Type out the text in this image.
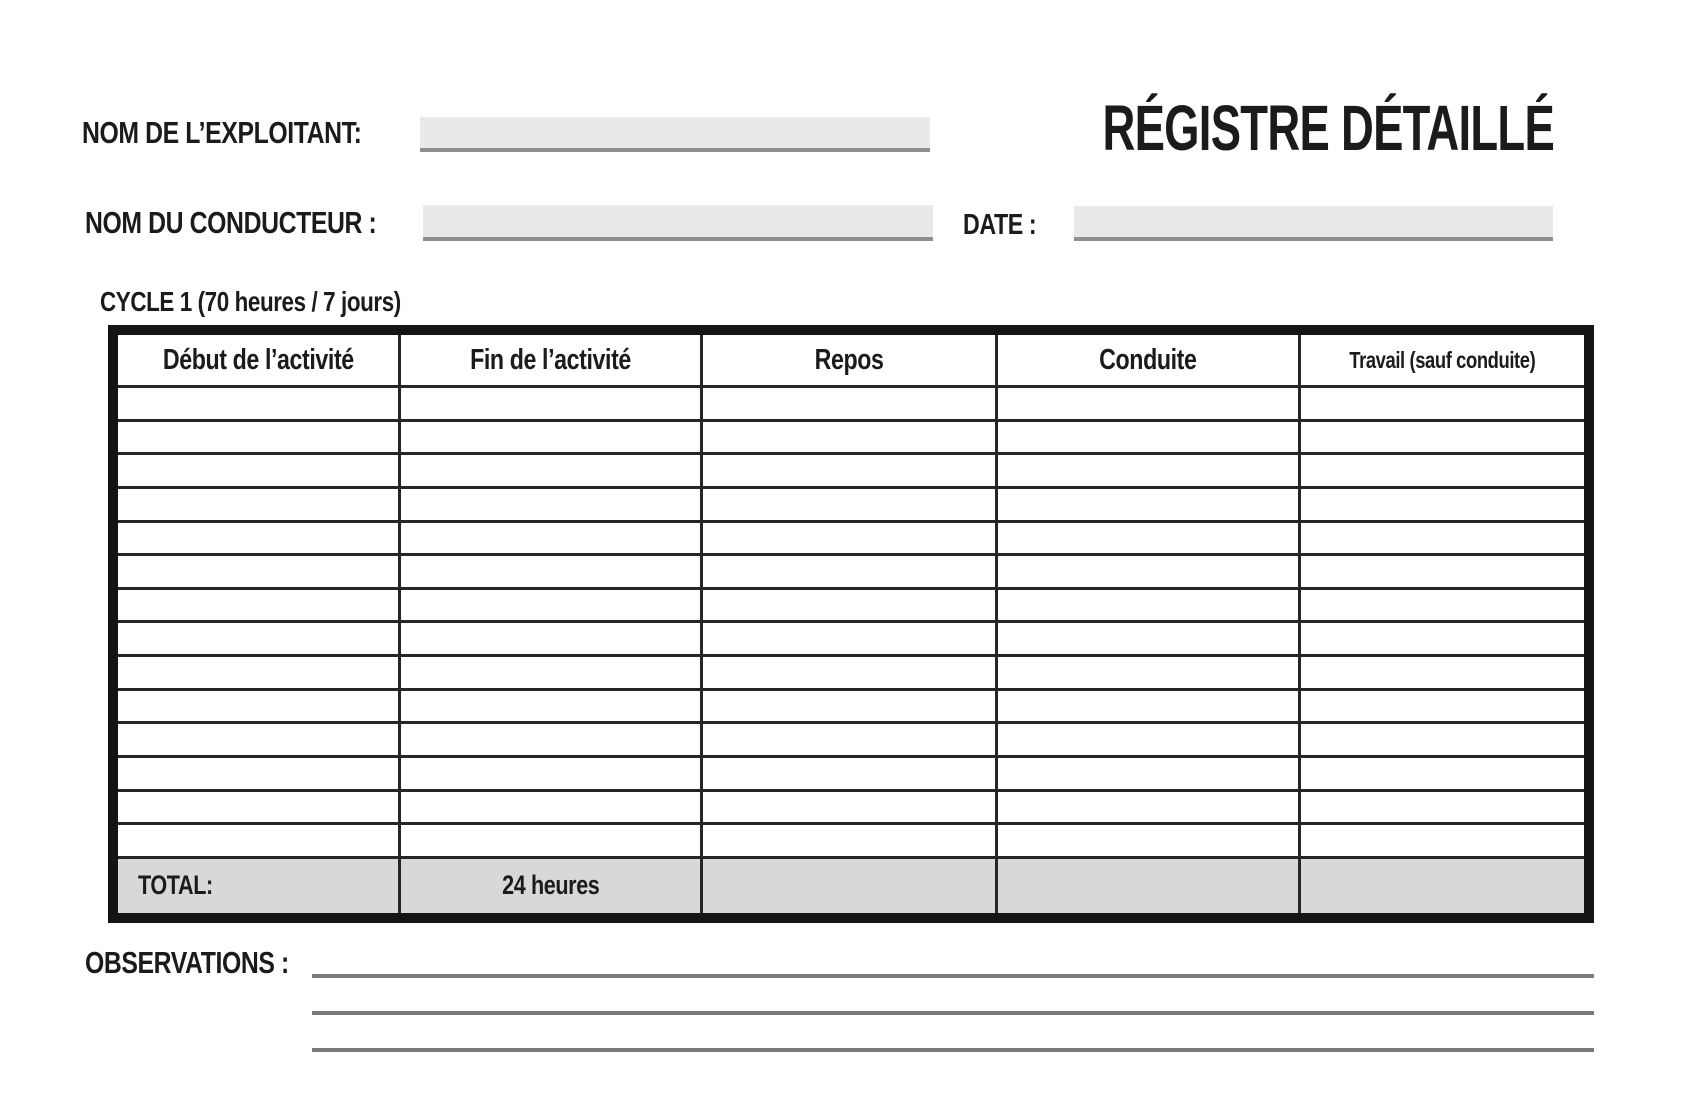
NOM DE L’EXPLOITANT:	RÉGISTRE DÉTAILLÉ
NOM DU CONDUCTEUR :	DATE :
CYCLE 1 (70 heures / 7 jours)
Début de l’activité	Fin de l’activité	Repos	Conduite	Travail (sauf conduite)
TOTAL:	24 heures
OBSERVATIONS :
